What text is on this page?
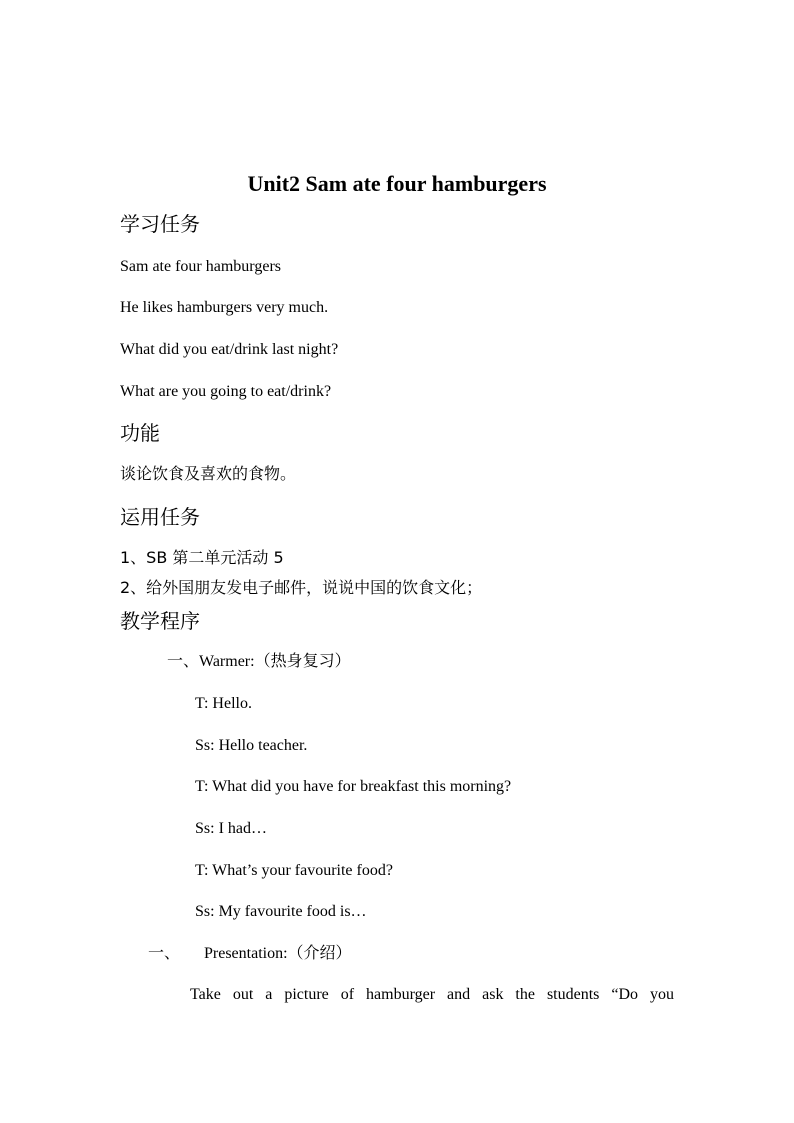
Unit2 Sam ate four hamburgers
学习任务
Sam ate four hamburgers
He likes hamburgers very much.
What did you eat/drink last night?
What are you going to eat/drink?
功能
谈论饮食及喜欢的食物。
运用任务
1、SB 第二单元活动 5
2、给外国朋友发电子邮件，说说中国的饮食文化；
教学程序
一、Warmer:（热身复习）
T: Hello.
Ss: Hello teacher.
T: What did you have for breakfast this morning?
Ss: I had…
T: What’s your favourite food?
Ss: My favourite food is…
一、 Presentation:（介绍）
Take out a picture of hamburger and ask the students “Do you
